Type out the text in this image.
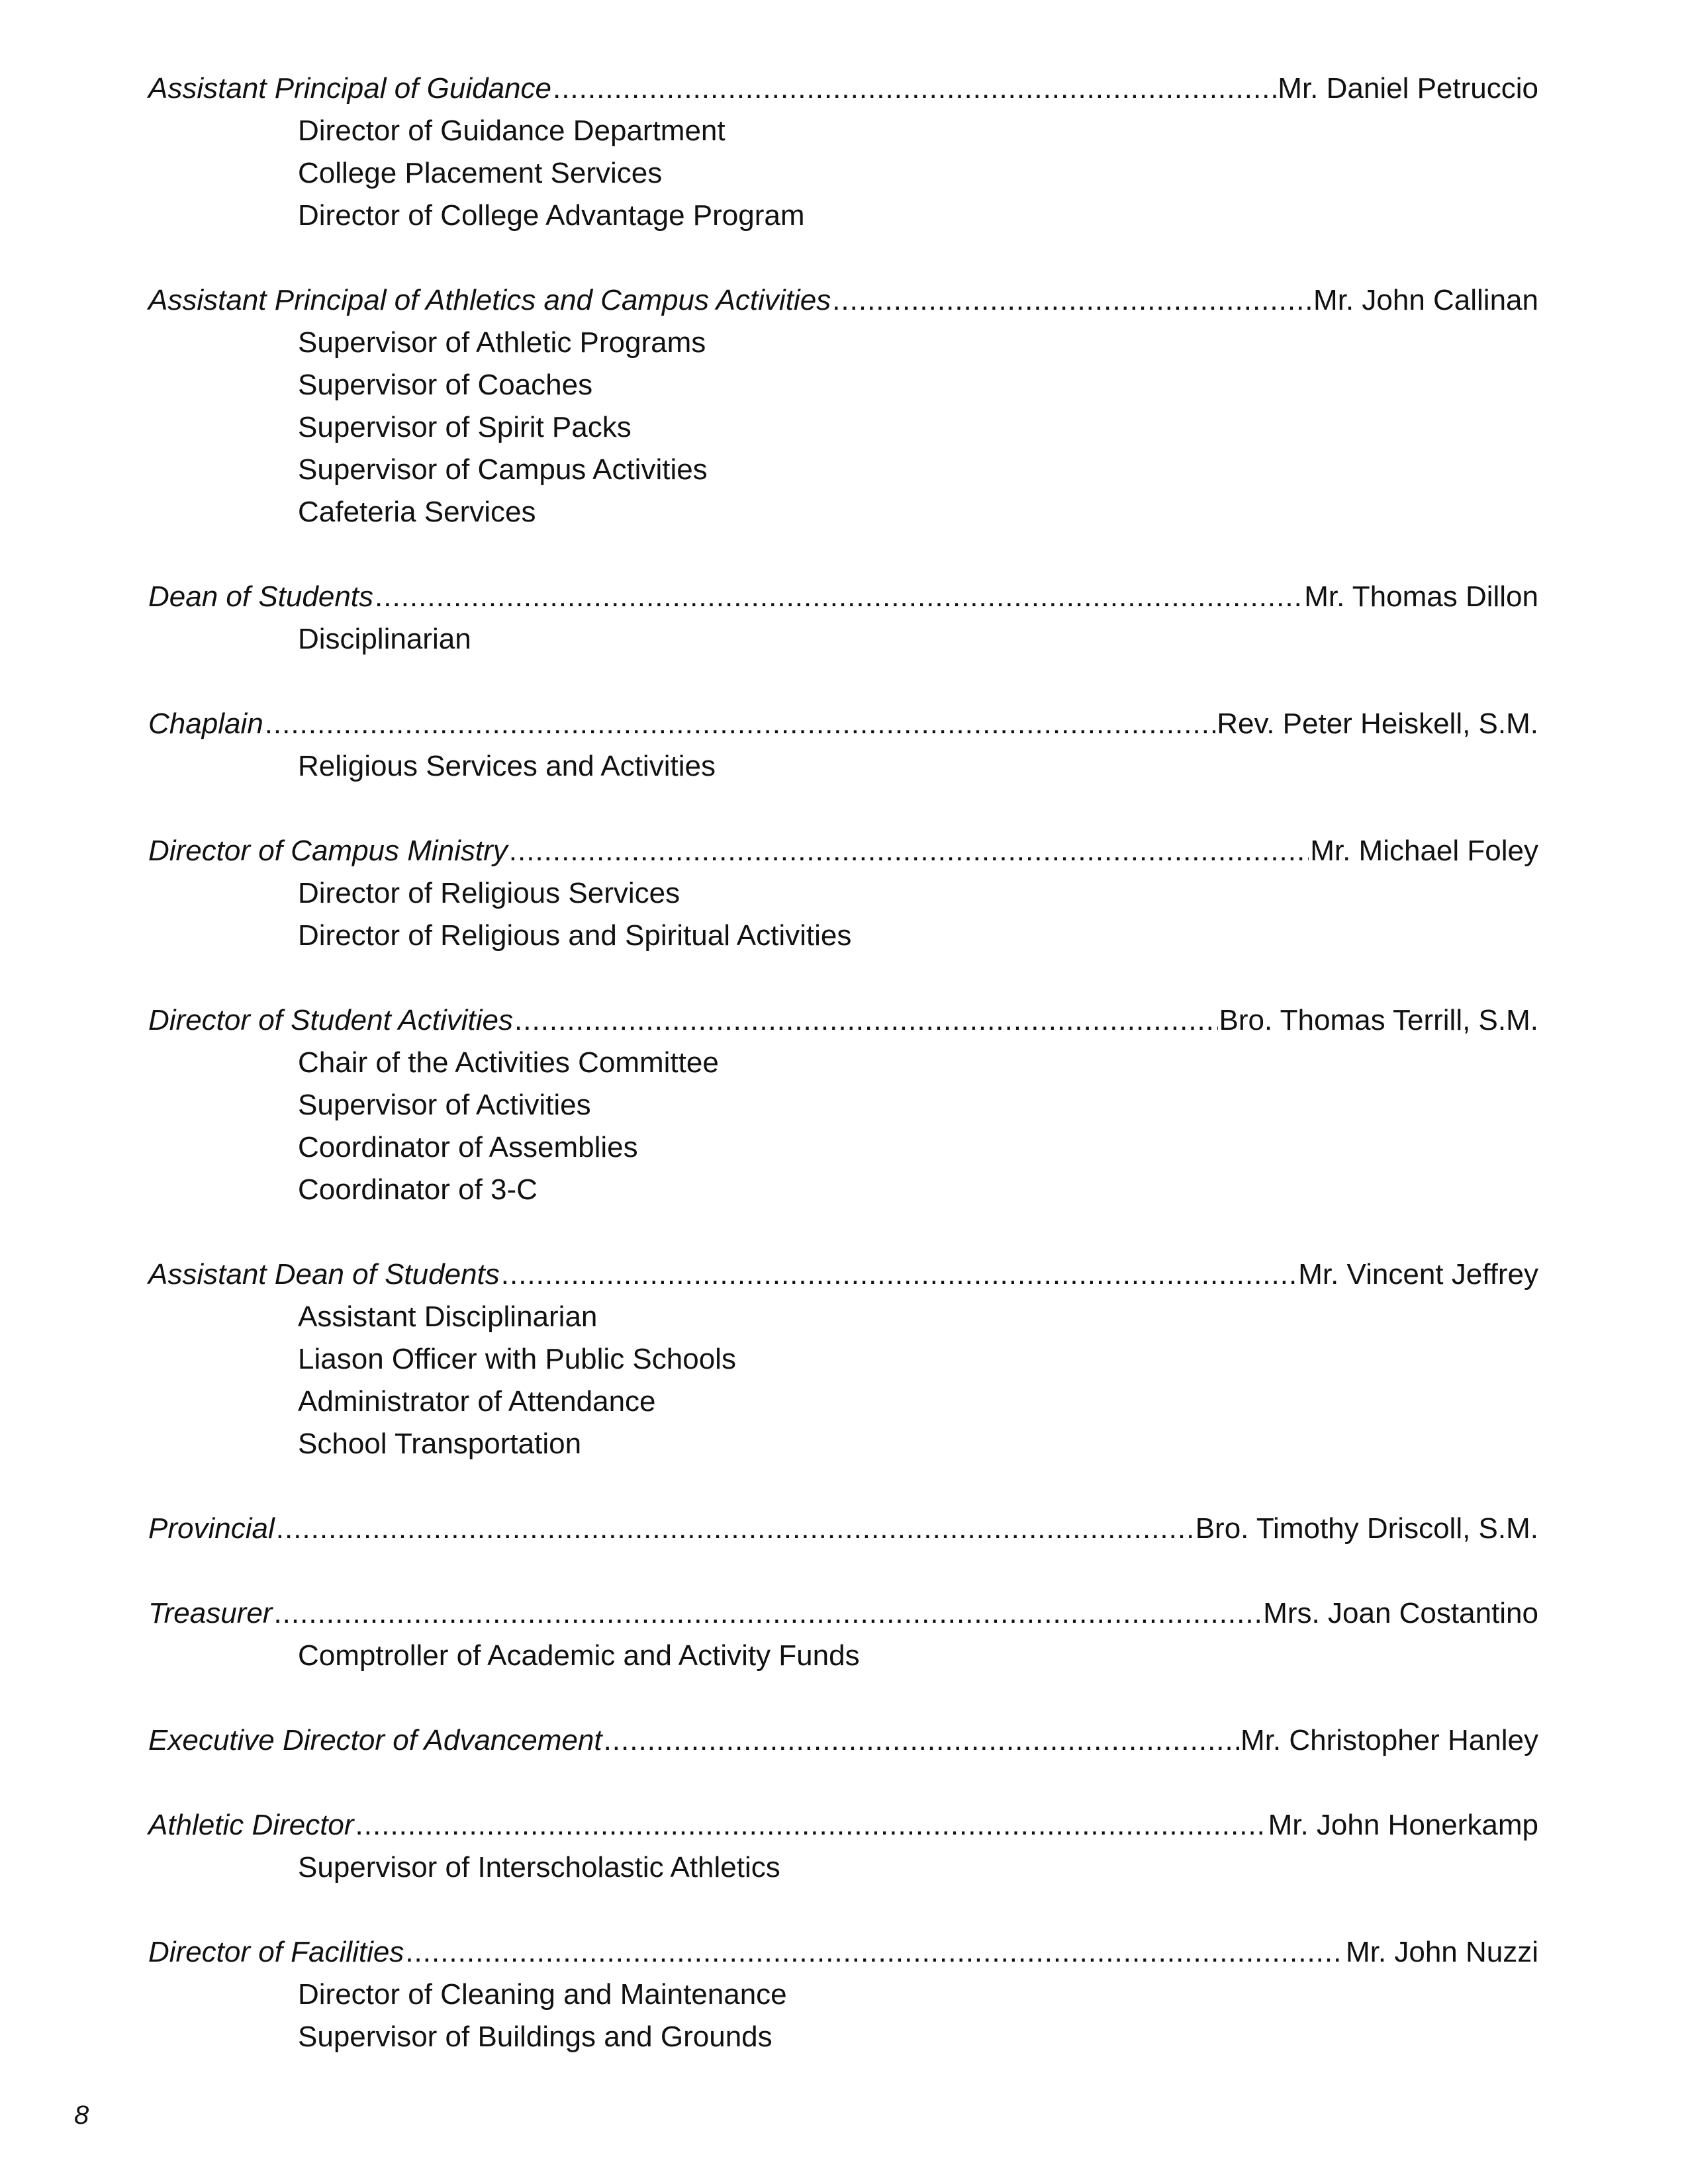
Assistant Principal of Guidance .....	Mr. Daniel Petruccio
Director of Guidance Department
College Placement Services
Director of College Advantage Program
Assistant Principal of Athletics and Campus Activities .....	Mr. John Callinan
Supervisor of Athletic Programs
Supervisor of Coaches
Supervisor of Spirit Packs
Supervisor of Campus Activities
Cafeteria Services
Dean of Students .....	Mr. Thomas Dillon
Disciplinarian
Chaplain .....	Rev. Peter Heiskell, S.M.
Religious Services and Activities
Director of Campus Ministry .....	Mr. Michael Foley
Director of Religious Services
Director of Religious and Spiritual Activities
Director of Student Activities .....	Bro. Thomas Terrill, S.M.
Chair of the Activities Committee
Supervisor of Activities
Coordinator of Assemblies
Coordinator of 3-C
Assistant Dean of Students .....	Mr. Vincent Jeffrey
Assistant Disciplinarian
Liason Officer with Public Schools
Administrator of Attendance
School Transportation
Provincial .....	Bro. Timothy Driscoll, S.M.
Treasurer .....	Mrs. Joan Costantino
Comptroller of Academic and Activity Funds
Executive Director of Advancement .....	Mr. Christopher Hanley
Athletic Director .....	Mr. John Honerkamp
Supervisor of Interscholastic Athletics
Director of Facilities .....	Mr. John Nuzzi
Director of Cleaning and Maintenance
Supervisor of Buildings and Grounds
8
